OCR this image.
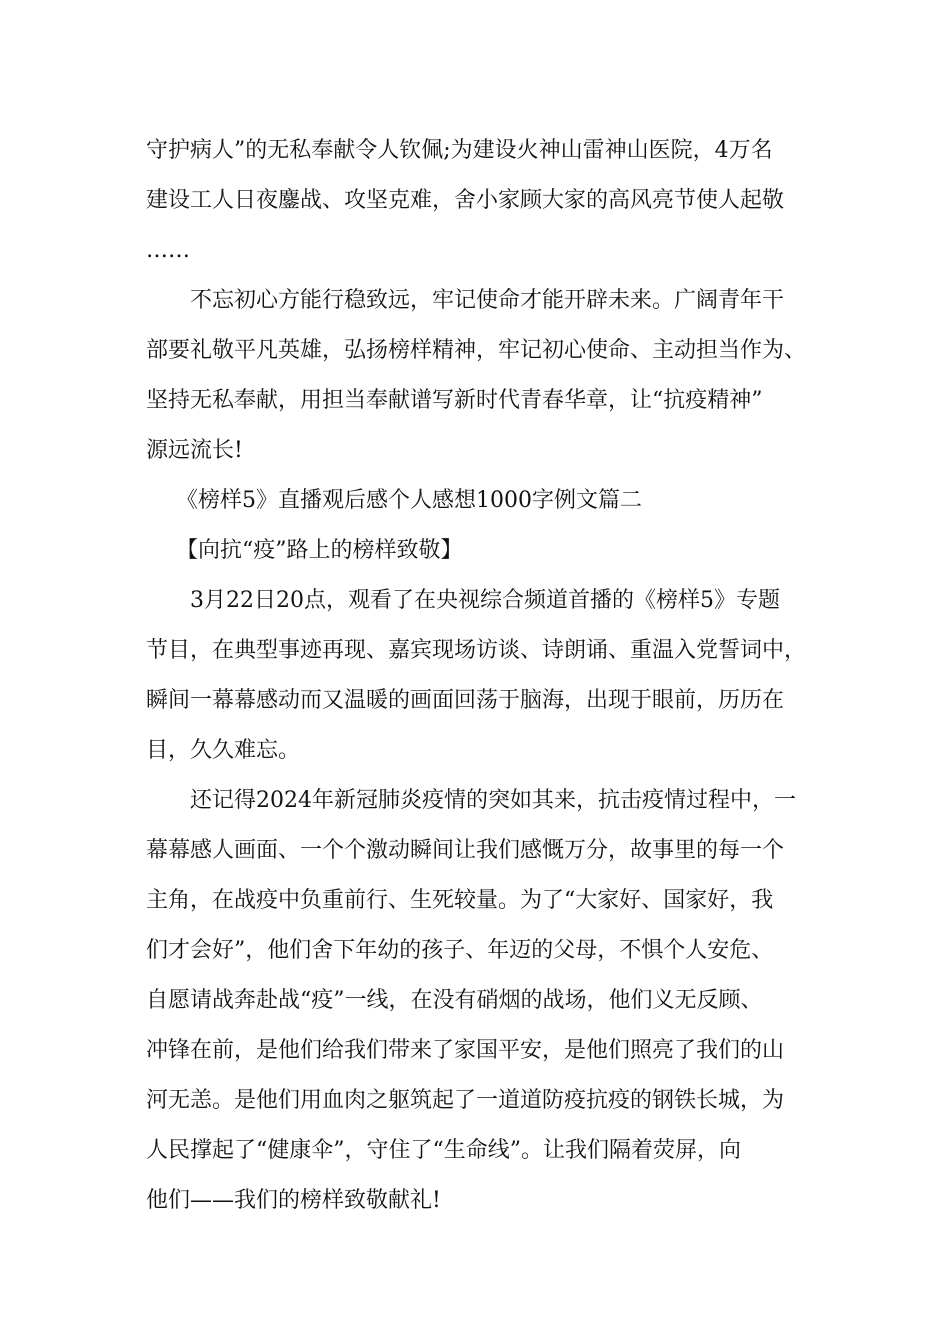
守护病人”的无私奉献令人钦佩;为建设火神山雷神山医院，4万名
建设工人日夜鏖战、攻坚克难，舍小家顾大家的高风亮节使人起敬
……
不忘初心方能行稳致远，牢记使命才能开辟未来。广阔青年干
部要礼敬平凡英雄，弘扬榜样精神，牢记初心使命、主动担当作为、
坚持无私奉献，用担当奉献谱写新时代青春华章，让“抗疫精神”
源远流长!
《榜样5》直播观后感个人感想1000字例文篇二
【向抗“疫”路上的榜样致敬】
3月22日20点，观看了在央视综合频道首播的《榜样5》专题
节目，在典型事迹再现、嘉宾现场访谈、诗朗诵、重温入党誓词中，
瞬间一幕幕感动而又温暖的画面回荡于脑海，出现于眼前，历历在
目，久久难忘。
还记得2024年新冠肺炎疫情的突如其来，抗击疫情过程中，一
幕幕感人画面、一个个激动瞬间让我们感慨万分，故事里的每一个
主角，在战疫中负重前行、生死较量。为了“大家好、国家好，我
们才会好”，他们舍下年幼的孩子、年迈的父母，不惧个人安危、
自愿请战奔赴战“疫”一线，在没有硝烟的战场，他们义无反顾、
冲锋在前，是他们给我们带来了家国平安，是他们照亮了我们的山
河无恙。是他们用血肉之躯筑起了一道道防疫抗疫的钢铁长城，为
人民撑起了“健康伞”，守住了“生命线”。让我们隔着荧屏，向
他们——我们的榜样致敬献礼!
